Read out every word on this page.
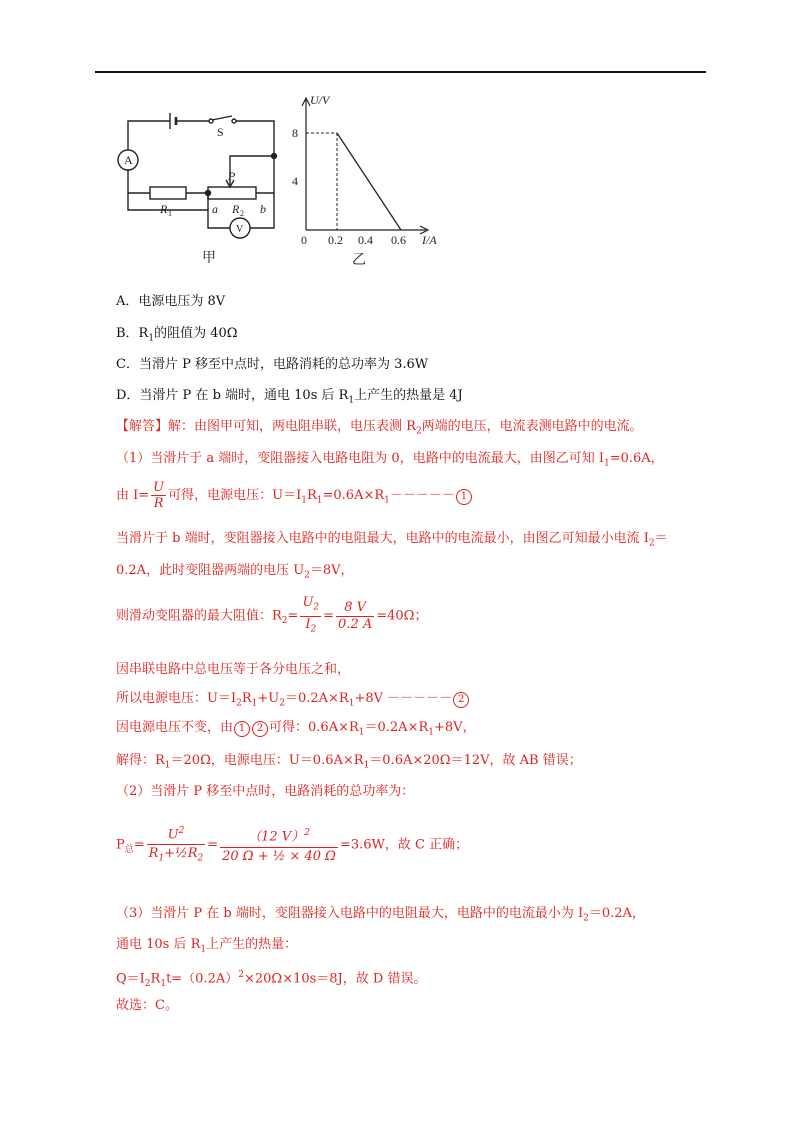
A
S
R 1
P
a R 2 b
V
甲
U/V
I/A
8
4
0 0.2 0.4 0.6
乙
A．电源电压为 8V
B．$R_1$的阻值为 40Ω
C．当滑片 P 移至中点时，电路消耗的总功率为 3.6W
D．当滑片 P 在 b 端时，通电 10s 后 $R_1$上产生的热量是 4J
【解答】解：由图甲可知，两电阻串联，电压表测 $R_2$两端的电压，电流表测电路中的电流。
（1）当滑片于 a 端时，变阻器接入电路电阻为 0，电路中的电流最大，由图乙可知 $I_1=0.6A$，
由 $I= \frac{U}{R}$ 可得，电源电压：$U=I_1R_1=0.6A\times R_1----- 1$
当滑片于 b 端时，变阻器接入电路中的电阻最大，电路中的电流最小，由图乙可知最小电流 $I_2=$
0.2A，此时变阻器两端的电压 $U_2=8V$，
则滑动变阻器的最大阻值：$R_2= \frac{U_2}{I_2} = \frac{8 V}{0.2 A} =40\Omega$；
因串联电路中总电压等于各分电压之和，
所以电源电压：$U=I_2R_1+U_2=0.2A\times R_1+8V$ －－－－－ 2
因电源电压不变，由 1 2 可得：$0.6A\times R_1=0.2A\times R_1+8V$，
解得：$R_1=20\Omega$，电源电压：$U=0.6A\times R_1=0.6A\times 20\Omega=12V$，故 AB 错误；
（2）当滑片 P 移至中点时，电路消耗的总功率为：
$P_总= \frac{U^2}{R_1+\frac{1}{2}R_2} = \frac{(12 V)^2}{\text{20 Ω + ½ × 40 Ω}} =3.6W$，故 C 正确；
（3）当滑片 P 在 b 端时，变阻器接入电路中的电阻最大，电路中的电流最小为 $I_2=0.2A$，
通电 10s 后 $R_1$上产生的热量：
$Q=I_2R_1t=(0.2A)^2\times 20\Omega\times 10s=8J$，故 D 错误。
故选：C。
